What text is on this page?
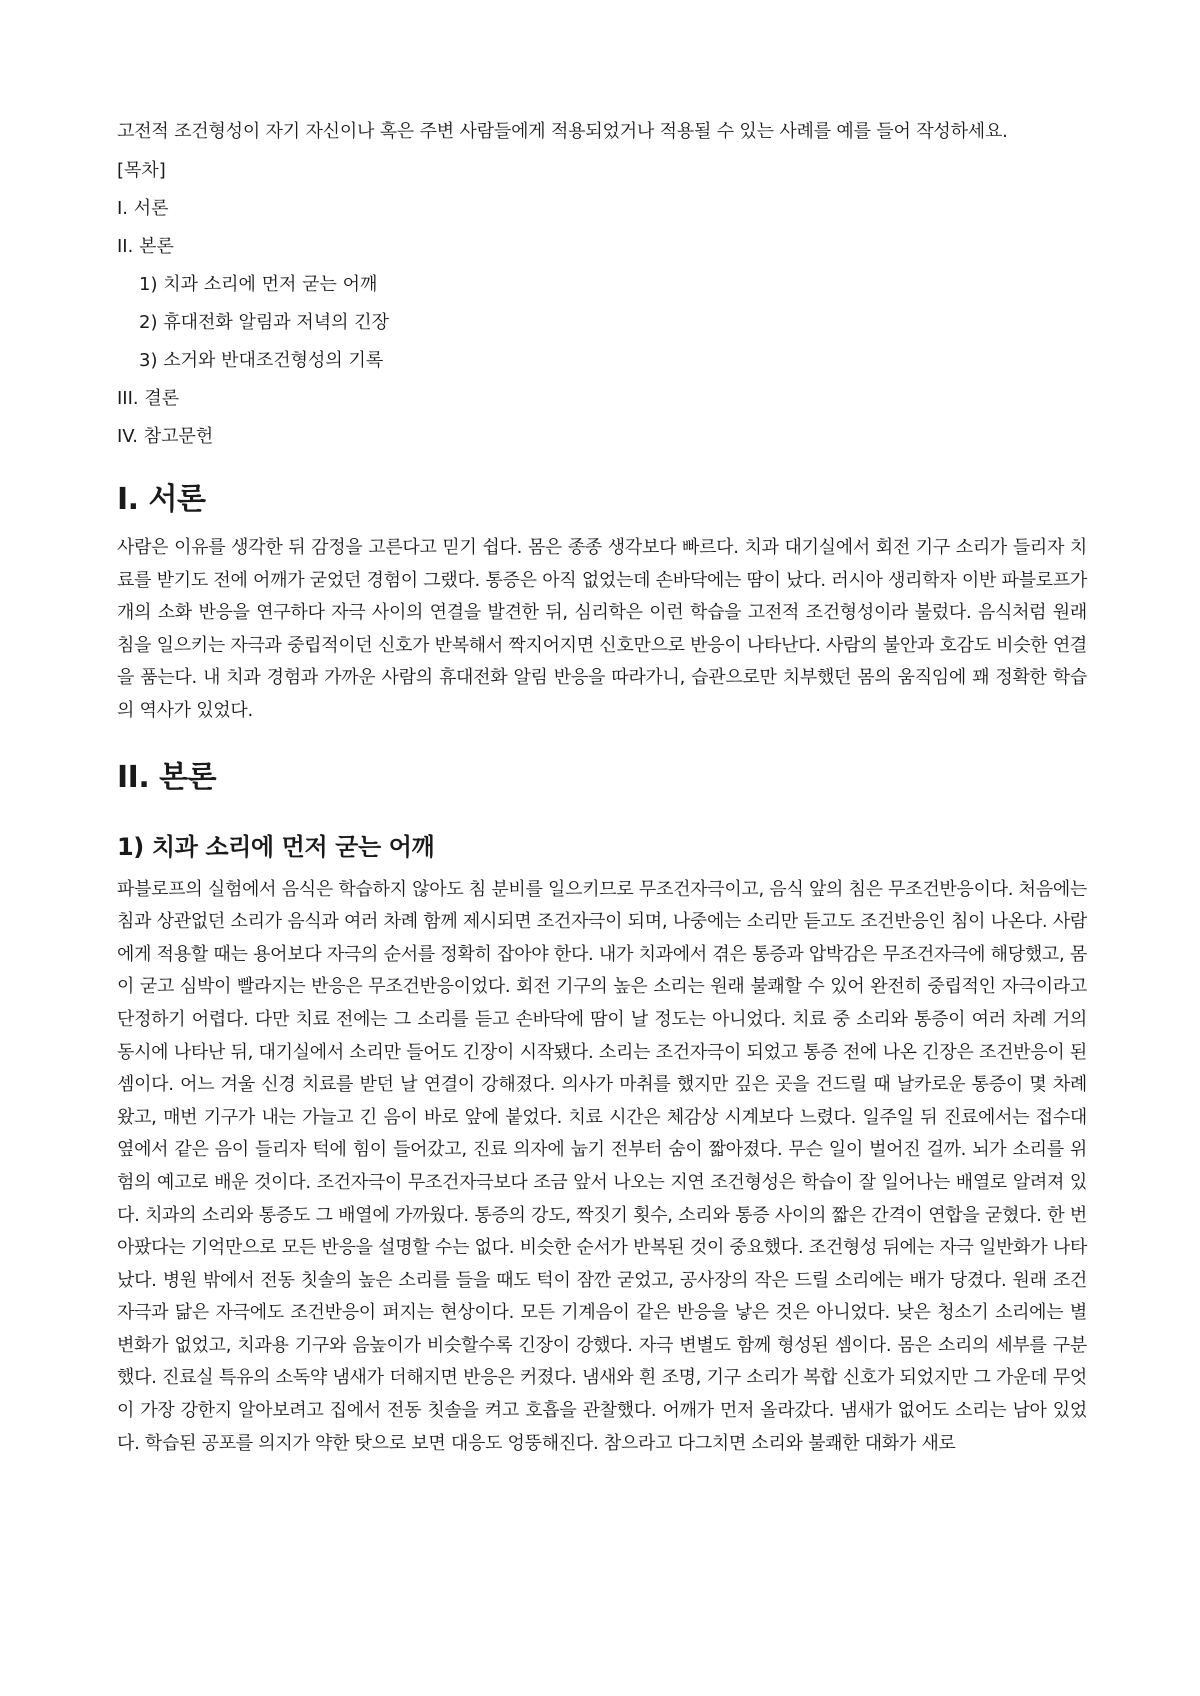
고전적 조건형성이 자기 자신이나 혹은 주변 사람들에게 적용되었거나 적용될 수 있는 사례를 예를 들어 작성하세요.

[목차]
I. 서론
II. 본론
1) 치과 소리에 먼저 굳는 어깨
2) 휴대전화 알림과 저녁의 긴장
3) 소거와 반대조건형성의 기록
III. 결론
IV. 참고문헌
I. 서론

사람은 이유를 생각한 뒤 감정을 고른다고 믿기 쉽다. 몸은 종종 생각보다 빠르다. 치과 대기실에서 회전 기구 소리가 들리자 치료를 받기도 전에 어깨가 굳었던 경험이 그랬다. 통증은 아직 없었는데 손바닥에는 땀이 났다. 러시아 생리학자 이반 파블로프가 개의 소화 반응을 연구하다 자극 사이의 연결을 발견한 뒤, 심리학은 이런 학습을 고전적 조건형성이라 불렀다. 음식처럼 원래 침을 일으키는 자극과 중립적이던 신호가 반복해서 짝지어지면 신호만으로 반응이 나타난다. 사람의 불안과 호감도 비슷한 연결을 품는다. 내 치과 경험과 가까운 사람의 휴대전화 알림 반응을 따라가니, 습관으로만 치부했던 몸의 움직임에 꽤 정확한 학습의 역사가 있었다.

II. 본론
1) 치과 소리에 먼저 굳는 어깨

파블로프의 실험에서 음식은 학습하지 않아도 침 분비를 일으키므로 무조건자극이고, 음식 앞의 침은 무조건반응이다. 처음에는 침과 상관없던 소리가 음식과 여러 차례 함께 제시되면 조건자극이 되며, 나중에는 소리만 듣고도 조건반응인 침이 나온다. 사람에게 적용할 때는 용어보다 자극의 순서를 정확히 잡아야 한다. 내가 치과에서 겪은 통증과 압박감은 무조건자극에 해당했고, 몸이 굳고 심박이 빨라지는 반응은 무조건반응이었다. 회전 기구의 높은 소리는 원래 불쾌할 수 있어 완전히 중립적인 자극이라고 단정하기 어렵다. 다만 치료 전에는 그 소리를 듣고 손바닥에 땀이 날 정도는 아니었다. 치료 중 소리와 통증이 여러 차례 거의 동시에 나타난 뒤, 대기실에서 소리만 들어도 긴장이 시작됐다. 소리는 조건자극이 되었고 통증 전에 나온 긴장은 조건반응이 된 셈이다. 어느 겨울 신경 치료를 받던 날 연결이 강해졌다. 의사가 마취를 했지만 깊은 곳을 건드릴 때 날카로운 통증이 몇 차례 왔고, 매번 기구가 내는 가늘고 긴 음이 바로 앞에 붙었다. 치료 시간은 체감상 시계보다 느렸다. 일주일 뒤 진료에서는 접수대 옆에서 같은 음이 들리자 턱에 힘이 들어갔고, 진료 의자에 눕기 전부터 숨이 짧아졌다. 무슨 일이 벌어진 걸까. 뇌가 소리를 위험의 예고로 배운 것이다. 조건자극이 무조건자극보다 조금 앞서 나오는 지연 조건형성은 학습이 잘 일어나는 배열로 알려져 있다. 치과의 소리와 통증도 그 배열에 가까웠다. 통증의 강도, 짝짓기 횟수, 소리와 통증 사이의 짧은 간격이 연합을 굳혔다. 한 번 아팠다는 기억만으로 모든 반응을 설명할 수는 없다. 비슷한 순서가 반복된 것이 중요했다. 조건형성 뒤에는 자극 일반화가 나타났다. 병원 밖에서 전동 칫솔의 높은 소리를 들을 때도 턱이 잠깐 굳었고, 공사장의 작은 드릴 소리에는 배가 당겼다. 원래 조건자극과 닮은 자극에도 조건반응이 퍼지는 현상이다. 모든 기계음이 같은 반응을 낳은 것은 아니었다. 낮은 청소기 소리에는 별 변화가 없었고, 치과용 기구와 음높이가 비슷할수록 긴장이 강했다. 자극 변별도 함께 형성된 셈이다. 몸은 소리의 세부를 구분했다. 진료실 특유의 소독약 냄새가 더해지면 반응은 커졌다. 냄새와 흰 조명, 기구 소리가 복합 신호가 되었지만 그 가운데 무엇이 가장 강한지 알아보려고 집에서 전동 칫솔을 켜고 호흡을 관찰했다. 어깨가 먼저 올라갔다. 냄새가 없어도 소리는 남아 있었다. 학습된 공포를 의지가 약한 탓으로 보면 대응도 엉뚱해진다. 참으라고 다그치면 소리와 불쾌한 대화가 새로
